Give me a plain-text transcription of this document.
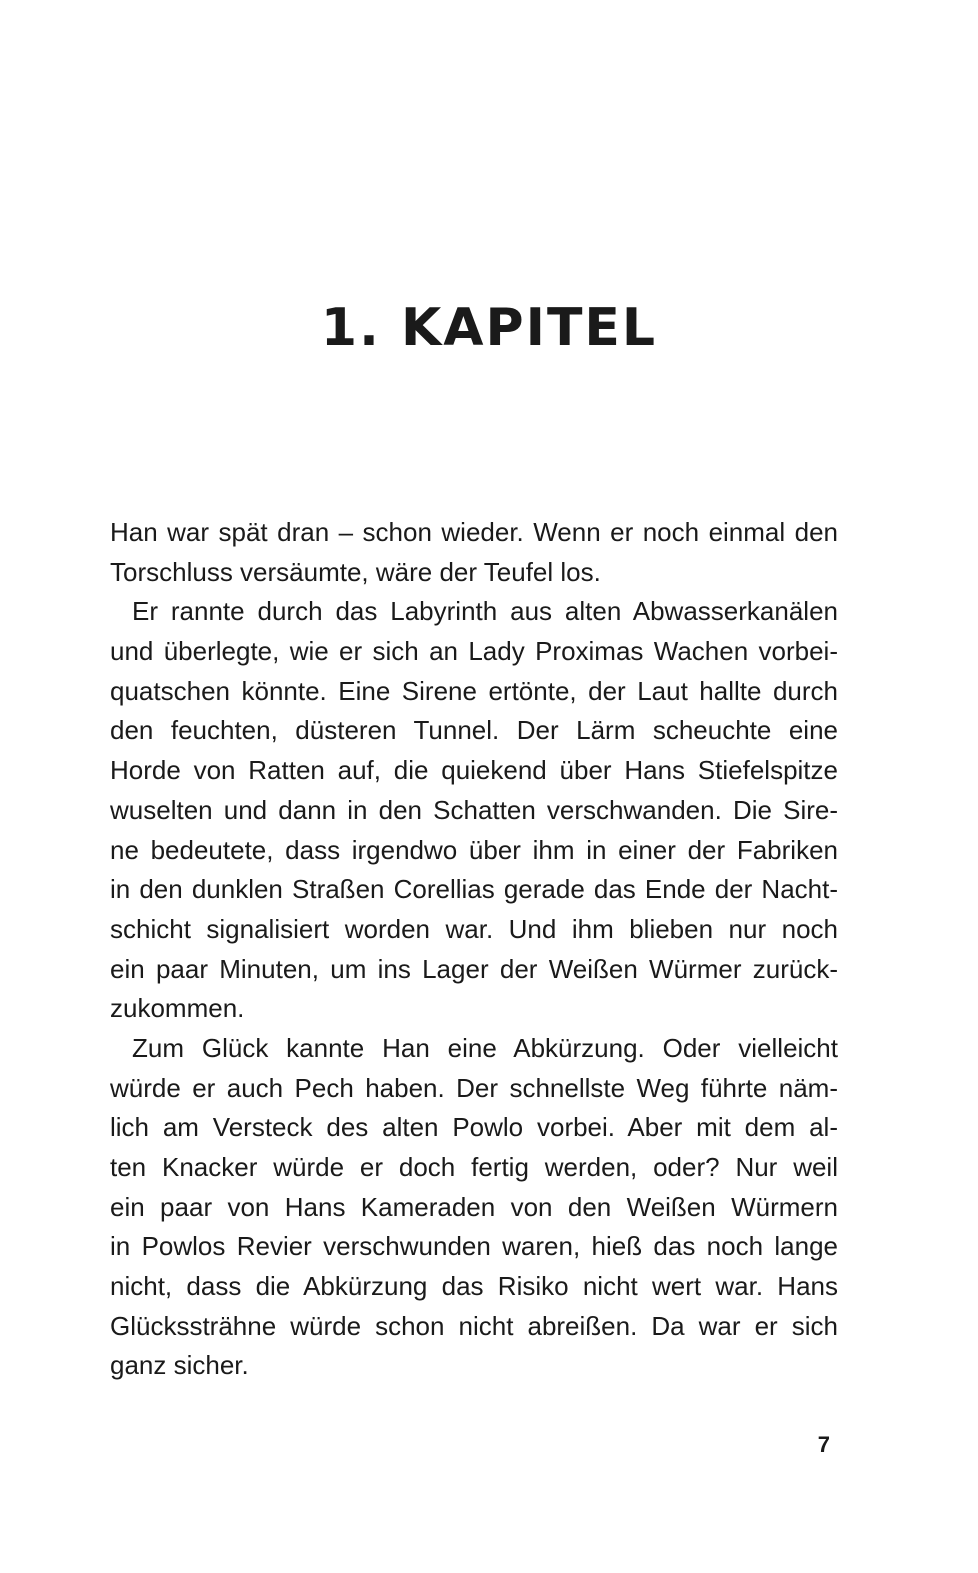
1. KAPITEL
Han war spät dran – schon wieder. Wenn er noch einmal den
Torschluss versäumte, wäre der Teufel los.
Er rannte durch das Labyrinth aus alten Abwasserkanälen
und überlegte, wie er sich an Lady Proximas Wachen vorbei-
quatschen könnte. Eine Sirene ertönte, der Laut hallte durch
den feuchten, düsteren Tunnel. Der Lärm scheuchte eine
Horde von Ratten auf, die quiekend über Hans Stiefelspitze
wuselten und dann in den Schatten verschwanden. Die Sire-
ne bedeutete, dass irgendwo über ihm in einer der Fabriken
in den dunklen Straßen Corellias gerade das Ende der Nacht-
schicht signalisiert worden war. Und ihm blieben nur noch
ein paar Minuten, um ins Lager der Weißen Würmer zurück-
zukommen.
Zum Glück kannte Han eine Abkürzung. Oder vielleicht
würde er auch Pech haben. Der schnellste Weg führte näm-
lich am Versteck des alten Powlo vorbei. Aber mit dem al-
ten Knacker würde er doch fertig werden, oder? Nur weil
ein paar von Hans Kameraden von den Weißen Würmern
in Powlos Revier verschwunden waren, hieß das noch lange
nicht, dass die Abkürzung das Risiko nicht wert war. Hans
Glückssträhne würde schon nicht abreißen. Da war er sich
ganz sicher.
7
